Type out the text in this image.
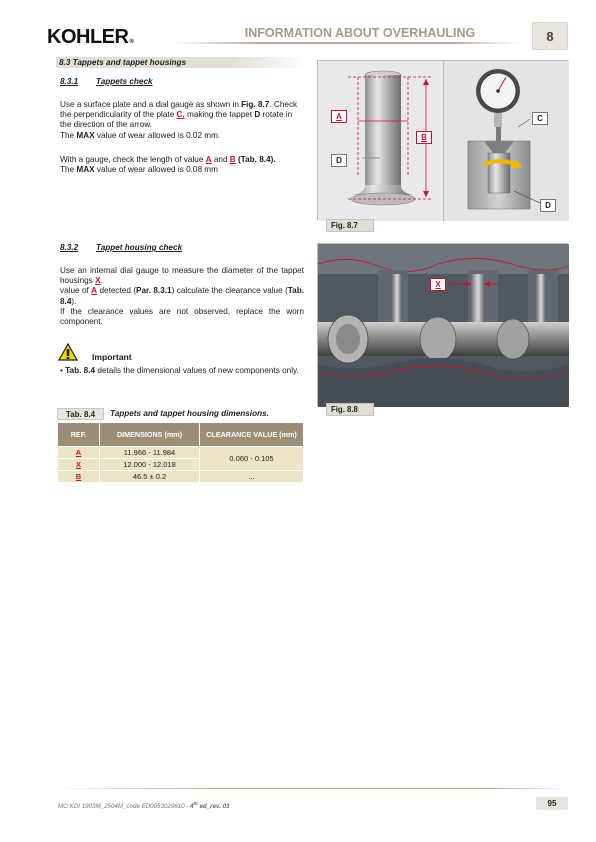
KOHLER®
INFORMATION ABOUT OVERHAULING	8
8.3 Tappets and tappet housings
8.3.1 Tappets check
Use a surface plate and a dial gauge as shown in Fig. 8.7. Check the perpendicularity of the plate C, making the tappet D rotate in the direction of the arrow.
The MAX value of wear allowed is 0.02 mm.
With a gauge, check the length of value A and B (Tab. 8.4).
The MAX value of wear allowed is 0.08 mm
8.3.2 Tappet housing check
Use an internal dial gauge to measure the diameter of the tappet housings X.
value of A detected (Par. 8.3.1) calculate the clearance value (Tab. 8.4).
If the clearance values are not observed, replace the worn component.
Important
• Tab. 8.4 details the dimensional values of new components only.
Tab. 8.4	Tappets and tappet housing dimensions.
REF.	DIMENSIONS (mm)	CLEARANCE VALUE (mm)
A	11.966 - 11.984	0.060 - 0.105
X	12.000 - 12.018	
B	46.5 ± 0.2	...
A
B
C
D
D
Fig. 8.7
X
Fig. 8.8
MO KDI 1903M_2504M_code ED0053029610 - 4th ed_rev. 03	95
